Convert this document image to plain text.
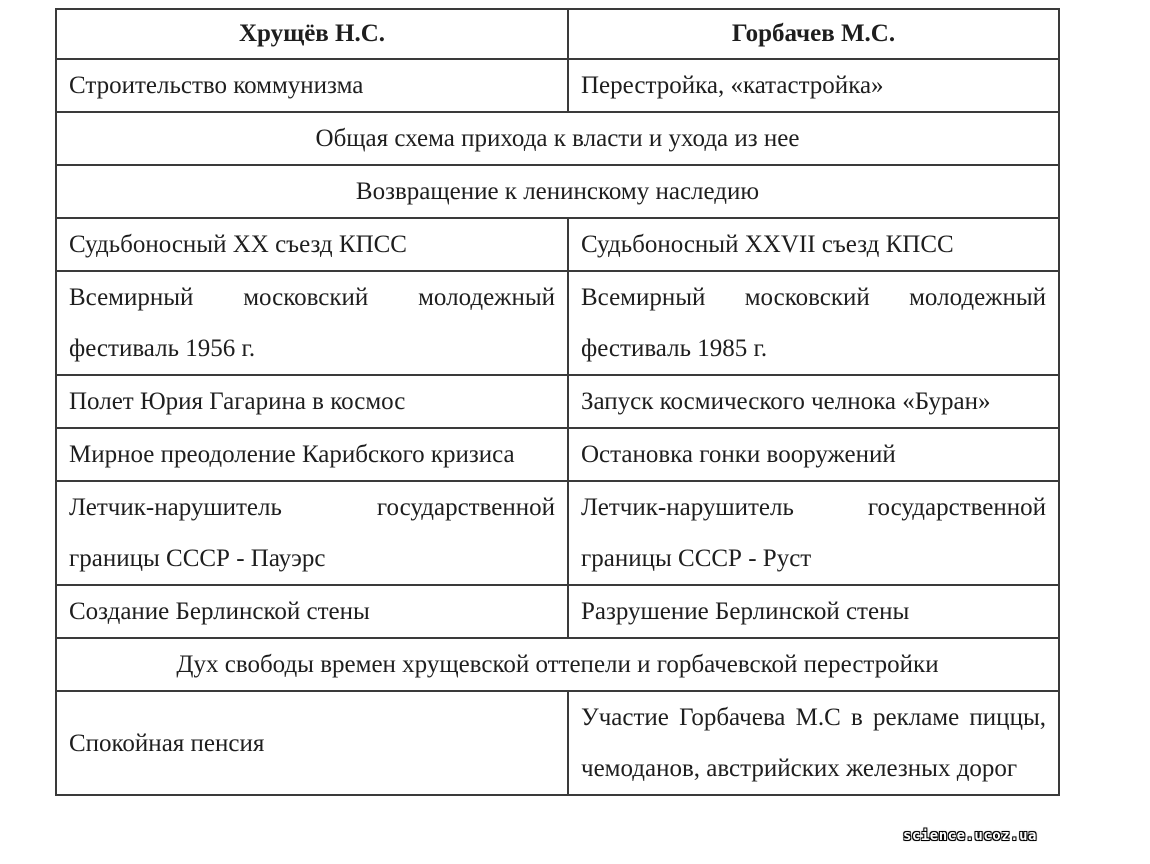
Хрущёв Н.С.	Горбачев М.С.
Строительство коммунизма	Перестройка, «катастройка»
Общая схема прихода к власти и ухода из нее	
Возвращение к ленинскому наследию	
Судьбоносный XX съезд КПСС	Судьбоносный XXVII съезд КПСС
Всемирный московский молодежный фестиваль 1956 г.	Всемирный московский молодежный фестиваль 1985 г.
Полет Юрия Гагарина в космос	Запуск космического челнока «Буран»
Мирное преодоление Карибского кризиса	Остановка гонки вооружений
Летчик-нарушитель государственной границы СССР - Пауэрс	Летчик-нарушитель государственной границы СССР - Руст
Создание Берлинской стены	Разрушение Берлинской стены
Дух свободы времен хрущевской оттепели и горбачевской перестройки	
Спокойная пенсия	Участие Горбачева М.С в рекламе пиццы, чемоданов, австрийских железных дорог
science.ucoz.ua
